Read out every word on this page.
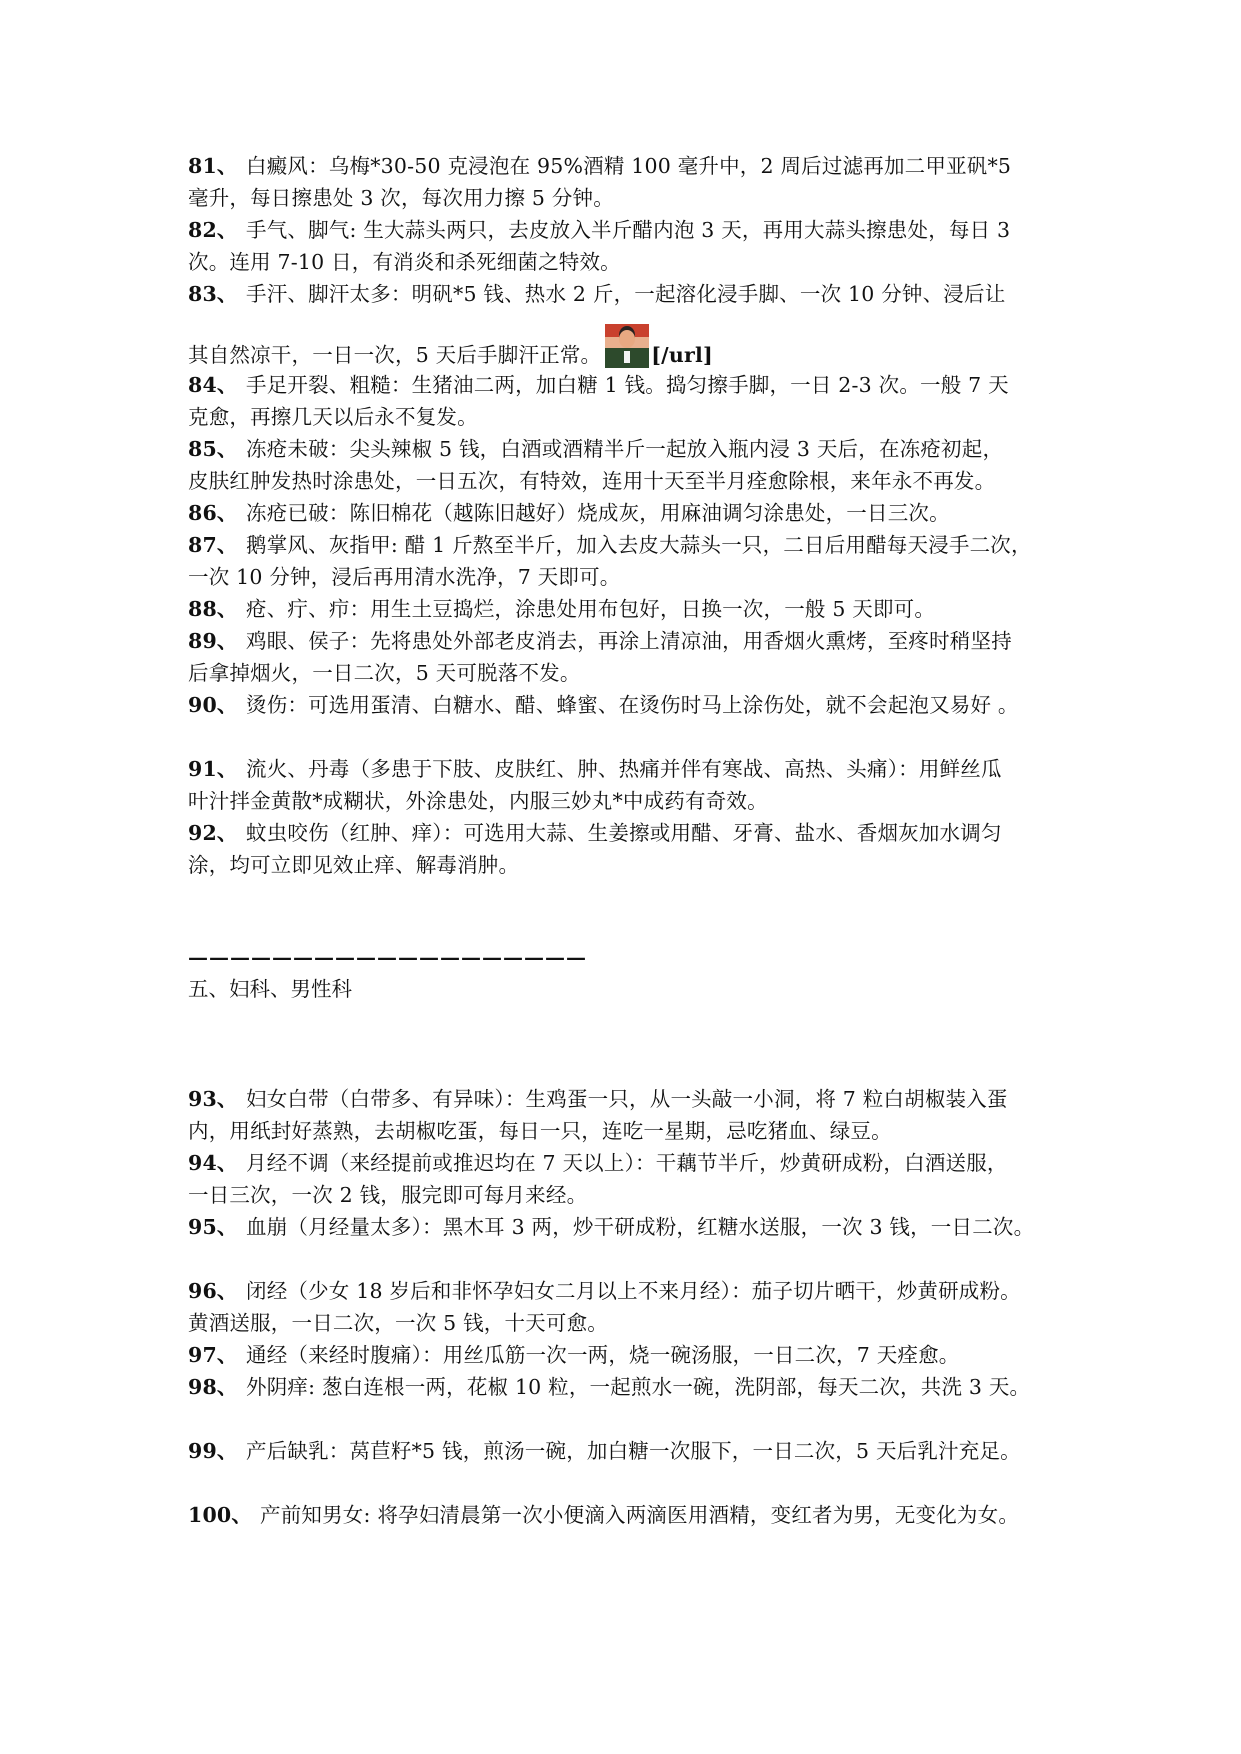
81、 白癜风：乌梅*30-50 克浸泡在 95%酒精 100 毫升中，2 周后过滤再加二甲亚矾*5
毫升，每日擦患处 3 次，每次用力擦 5 分钟。
82、 手气、脚气: 生大蒜头两只，去皮放入半斤醋内泡 3 天，再用大蒜头擦患处，每日 3
次。连用 7-10 日，有消炎和杀死细菌之特效。
83、 手汗、脚汗太多：明矾*5 钱、热水 2 斤，一起溶化浸手脚、一次 10 分钟、浸后让
其自然凉干，一日一次，5 天后手脚汗正常。 [/url]
84、 手足开裂、粗糙：生猪油二两，加白糖 1 钱。捣匀擦手脚，一日 2-3 次。一般 7 天
克愈，再擦几天以后永不复发。
85、 冻疮未破：尖头辣椒 5 钱，白酒或酒精半斤一起放入瓶内浸 3 天后，在冻疮初起，
皮肤红肿发热时涂患处，一日五次，有特效，连用十天至半月痊愈除根，来年永不再发。
86、 冻疮已破：陈旧棉花（越陈旧越好）烧成灰，用麻油调匀涂患处，一日三次。
87、 鹅掌风、灰指甲: 醋 1 斤熬至半斤，加入去皮大蒜头一只，二日后用醋每天浸手二次，
一次 10 分钟，浸后再用清水洗净，7 天即可。
88、 疮、疔、疖：用生土豆捣烂，涂患处用布包好，日换一次，一般 5 天即可。
89、 鸡眼、侯子：先将患处外部老皮消去，再涂上清凉油，用香烟火熏烤，至疼时稍坚持
后拿掉烟火，一日二次，5 天可脱落不发。
90、 烫伤：可选用蛋清、白糖水、醋、蜂蜜、在烫伤时马上涂伤处，就不会起泡又易好 。
91、 流火、丹毒（多患于下肢、皮肤红、肿、热痛并伴有寒战、高热、头痛）：用鲜丝瓜
叶汁拌金黄散*成糊状，外涂患处，内服三妙丸*中成药有奇效。
92、 蚊虫咬伤（红肿、痒）：可选用大蒜、生姜擦或用醋、牙膏、盐水、香烟灰加水调匀
涂，均可立即见效止痒、解毒消肿。
———————————————————
五、妇科、男性科
93、 妇女白带（白带多、有异味）：生鸡蛋一只，从一头敲一小洞，将 7 粒白胡椒装入蛋
内，用纸封好蒸熟，去胡椒吃蛋，每日一只，连吃一星期，忌吃猪血、绿豆。
94、 月经不调（来经提前或推迟均在 7 天以上）：干藕节半斤，炒黄研成粉，白酒送服，
一日三次，一次 2 钱，服完即可每月来经。
95、 血崩（月经量太多）：黑木耳 3 两，炒干研成粉，红糖水送服，一次 3 钱，一日二次。
96、 闭经（少女 18 岁后和非怀孕妇女二月以上不来月经）：茄子切片晒干，炒黄研成粉。
黄酒送服，一日二次，一次 5 钱，十天可愈。
97、 通经（来经时腹痛）：用丝瓜筋一次一两，烧一碗汤服，一日二次，7 天痊愈。
98、 外阴痒: 葱白连根一两，花椒 10 粒，一起煎水一碗，洗阴部，每天二次，共洗 3 天。
99、 产后缺乳：莴苣籽*5 钱，煎汤一碗，加白糖一次服下，一日二次，5 天后乳汁充足。
100、 产前知男女: 将孕妇清晨第一次小便滴入两滴医用酒精，变红者为男，无变化为女。
